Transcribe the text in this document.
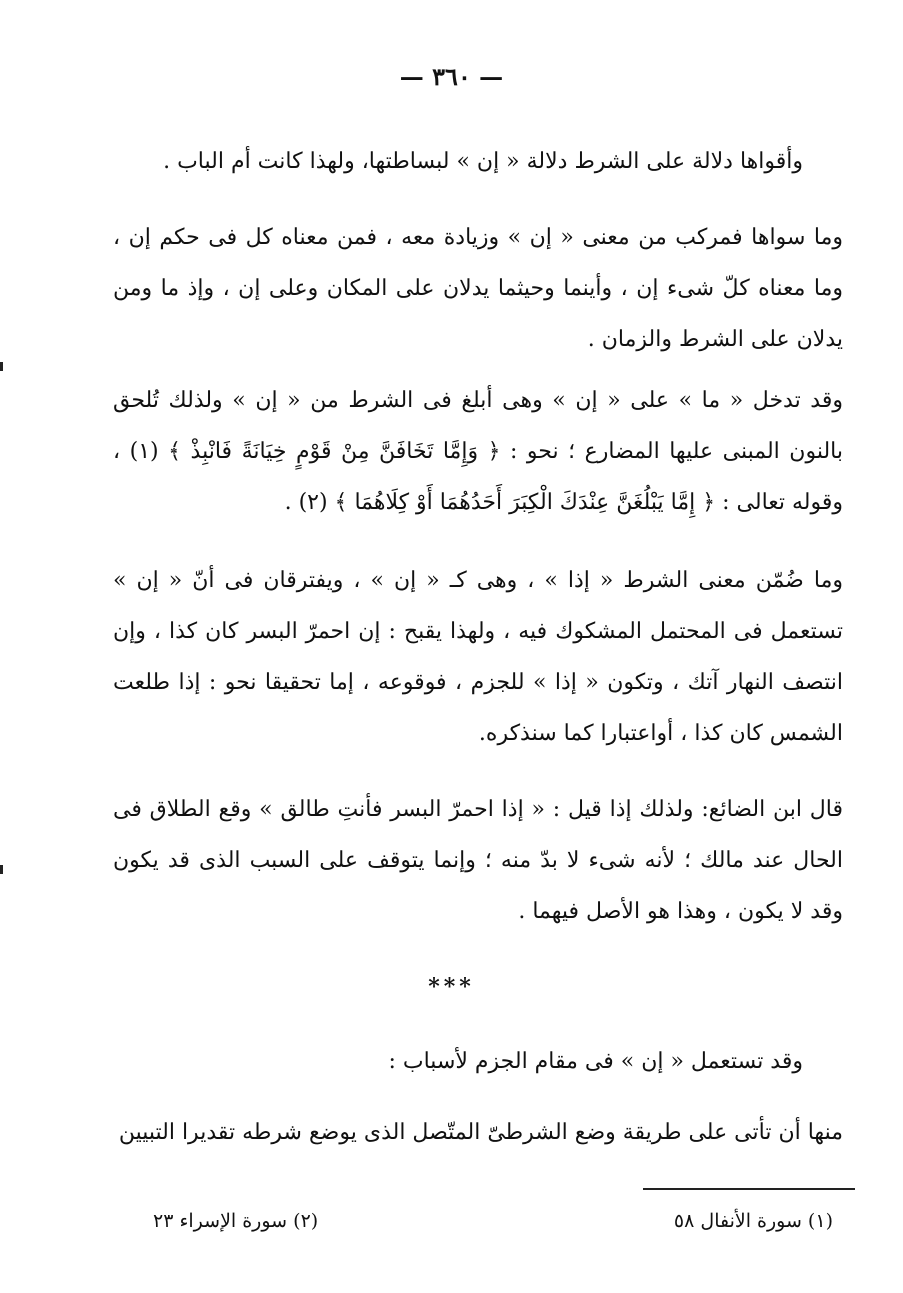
— ٣٦٠ —

وأقواها دلالة على الشرط دلالة « إن » لبساطتها، ولهذا كانت أم الباب .

وما سواها فمركب من معنى « إن » وزيادة معه ، فمن معناه كل فى حكم إن ، وما معناه كلّ شىء إن ، وأينما وحيثما يدلان على المكان وعلى إن ، وإذ ما ومن يدلان على الشرط والزمان .

وقد تدخل « ما » على « إن » وهى أبلغ فى الشرط من « إن » ولذلك تُلحق بالنون المبنى عليها المضارع ؛ نحو : ﴿ وَإِمَّا تَخَافَنَّ مِنْ قَوْمٍ خِيَانَةً فَانْبِذْ ﴾ (١) ، وقوله تعالى : ﴿ إِمَّا يَبْلُغَنَّ عِنْدَكَ الْكِبَرَ أَحَدُهُمَا أَوْ كِلَاهُمَا ﴾ (٢) .

وما ضُمّن معنى الشرط « إذا » ، وهى كـ « إن » ، ويفترقان فى أنّ « إن » تستعمل فى المحتمل المشكوك فيه ، ولهذا يقبح : إن احمرّ البسر كان كذا ، وإن انتصف النهار آتك ، وتكون « إذا » للجزم ، فوقوعه ، إما تحقيقا نحو : إذا طلعت الشمس كان كذا ، أواعتبارا كما سنذكره.

قال ابن الضائع: ولذلك إذا قيل : « إذا احمرّ البسر فأنتِ طالق » وقع الطلاق فى الحال عند مالك ؛ لأنه شىء لا بدّ منه ؛ وإنما يتوقف على السبب الذى قد يكون وقد لا يكون ، وهذا هو الأصل فيهما .

***

وقد تستعمل « إن » فى مقام الجزم لأسباب :

منها أن تأتى على طريقة وضع الشرطىّ المتّصل الذى يوضع شرطه تقديرا التبيين

(١) سورة الأنفال ٥٨
(٢) سورة الإسراء ٢٣
